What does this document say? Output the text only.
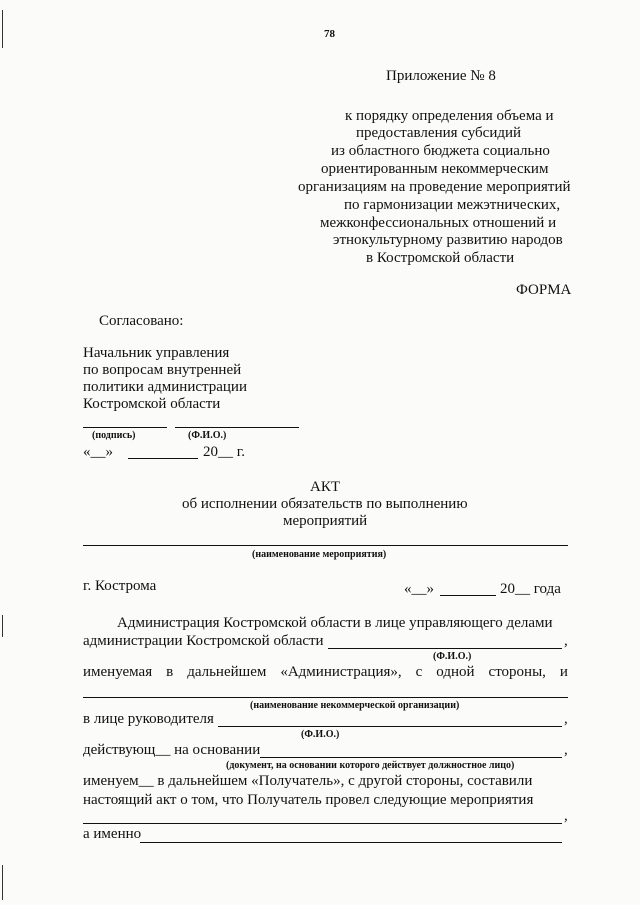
78
Приложение № 8
к порядку определения объема и
предоставления субсидий
из областного бюджета социально
ориентированным некоммерческим
организациям на проведение мероприятий
по гармонизации межэтнических,
межконфессиональных отношений и
этнокультурному развитию народов
в Костромской области
ФОРМА
Согласовано:
Начальник управления
по вопросам внутренней
политики администрации
Костромской области
(подпись)	(Ф.И.О.)
«__»	20__ г.
АКТ
об исполнении обязательств по выполнению
мероприятий
(наименование мероприятия)
г. Кострома	«__»	20__ года
Администрация Костромской области в лице управляющего делами
администрации Костромской области	,
(Ф.И.О.)
именуемая в дальнейшем «Администрация», с одной стороны, и
(наименование некоммерческой организации)
в лице руководителя	,
(Ф.И.О.)
действующ__ на основании	,
(документ, на основании которого действует должностное лицо)
именуем__ в дальнейшем «Получатель», с другой стороны, составили
настоящий акт о том, что Получатель провел следующие мероприятия
,
а именно
